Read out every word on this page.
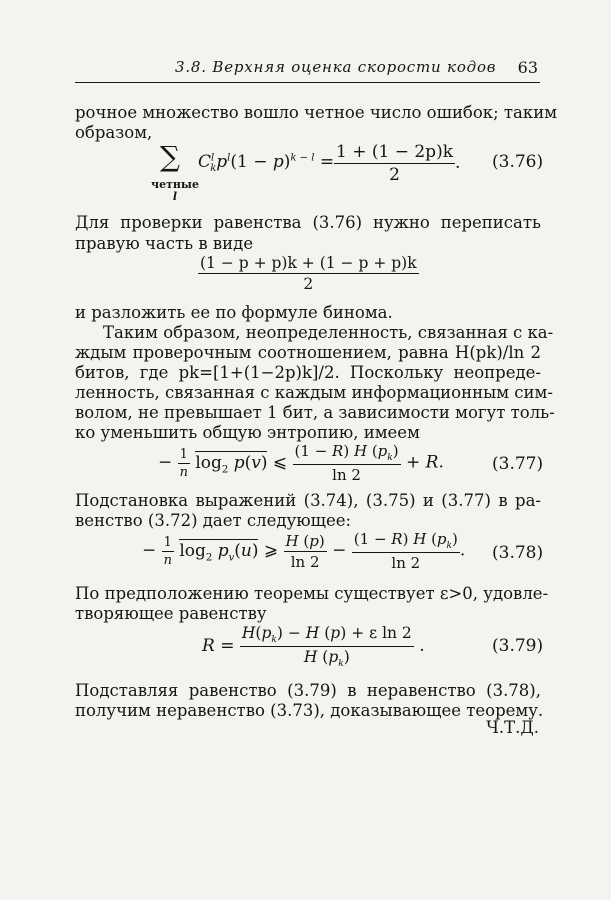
3.8. Верхняя оценка скорости кодов 63
рочное множество вошло четное число ошибок; таким
образом,
∑
четные
l
$C^l_kp^l(1 - p)^{k - l} = \frac{1 + (1 - 2p)k}{2}$ . (3.76)
Для проверки равенства (3.76) нужно переписать
правую часть в виде
$\frac{(1 - p + p)k + (1 - p + p)k}{2}$
и разложить ее по формуле бинома.
Таким образом, неопределенность, связанная с ка-
ждым проверочным соотношением, равна H(pk)/ln 2
битов, где pk=[1+(1−2p)k]/2. Поскольку неопреде-
ленность, связанная с каждым информационным сим-
волом, не превышает 1 бит, а зависимости могут толь-
ко уменьшить общую энтропию, имеем
− $\frac{1}{n} \log_2 p(v)$ ⩽ $\frac{(1 - R) H (p_k)}{\ln 2} + R$.	(3.77)
Подстановка выражений (3.74), (3.75) и (3.77) в ра-
венство (3.72) дает следующее:
− $\frac{1}{n} \log_2 p_v(u)$ ⩾ $\frac{H (p)}{\ln 2} - \frac{(1 - R) H (p_k)}{\ln 2}$ . (3.78)
По предположению теоремы существует ε>0, удовле-
творяющее равенству
$R = \frac{H(p_k) - H (p) + \varepsilon \ln 2}{H (p_k)}$ .	(3.79)
Подставляя равенство (3.79) в неравенство (3.78),
получим неравенство (3.73), доказывающее теорему.
Ч.Т.Д.
